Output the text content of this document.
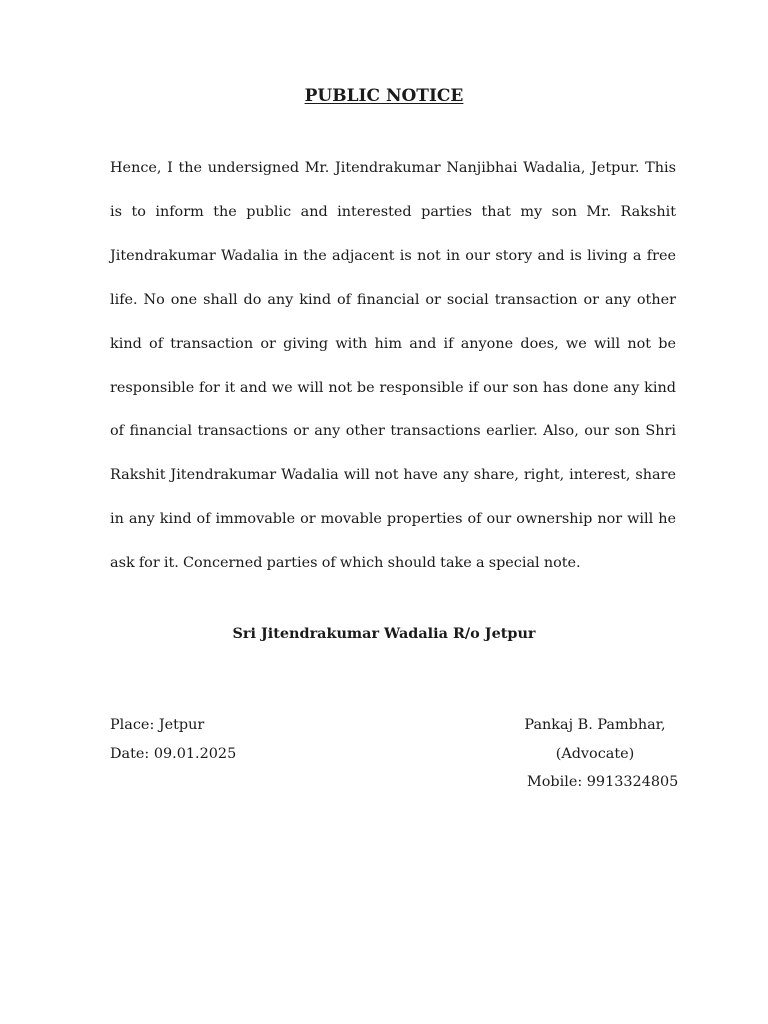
PUBLIC NOTICE

Hence, I the undersigned Mr. Jitendrakumar Nanjibhai Wadalia, Jetpur. This is to inform the public and interested parties that my son Mr. Rakshit Jitendrakumar Wadalia in the adjacent is not in our story and is living a free life. No one shall do any kind of financial or social transaction or any other kind of transaction or giving with him and if anyone does, we will not be responsible for it and we will not be responsible if our son has done any kind of financial transactions or any other transactions earlier. Also, our son Shri Rakshit Jitendrakumar Wadalia will not have any share, right, interest, share in any kind of immovable or movable properties of our ownership nor will he ask for it. Concerned parties of which should take a special note.

Sri Jitendrakumar Wadalia R/o Jetpur
Place: Jetpur
Date: 09.01.2025
Pankaj B. Pambhar,
(Advocate)
Mobile: 9913324805
